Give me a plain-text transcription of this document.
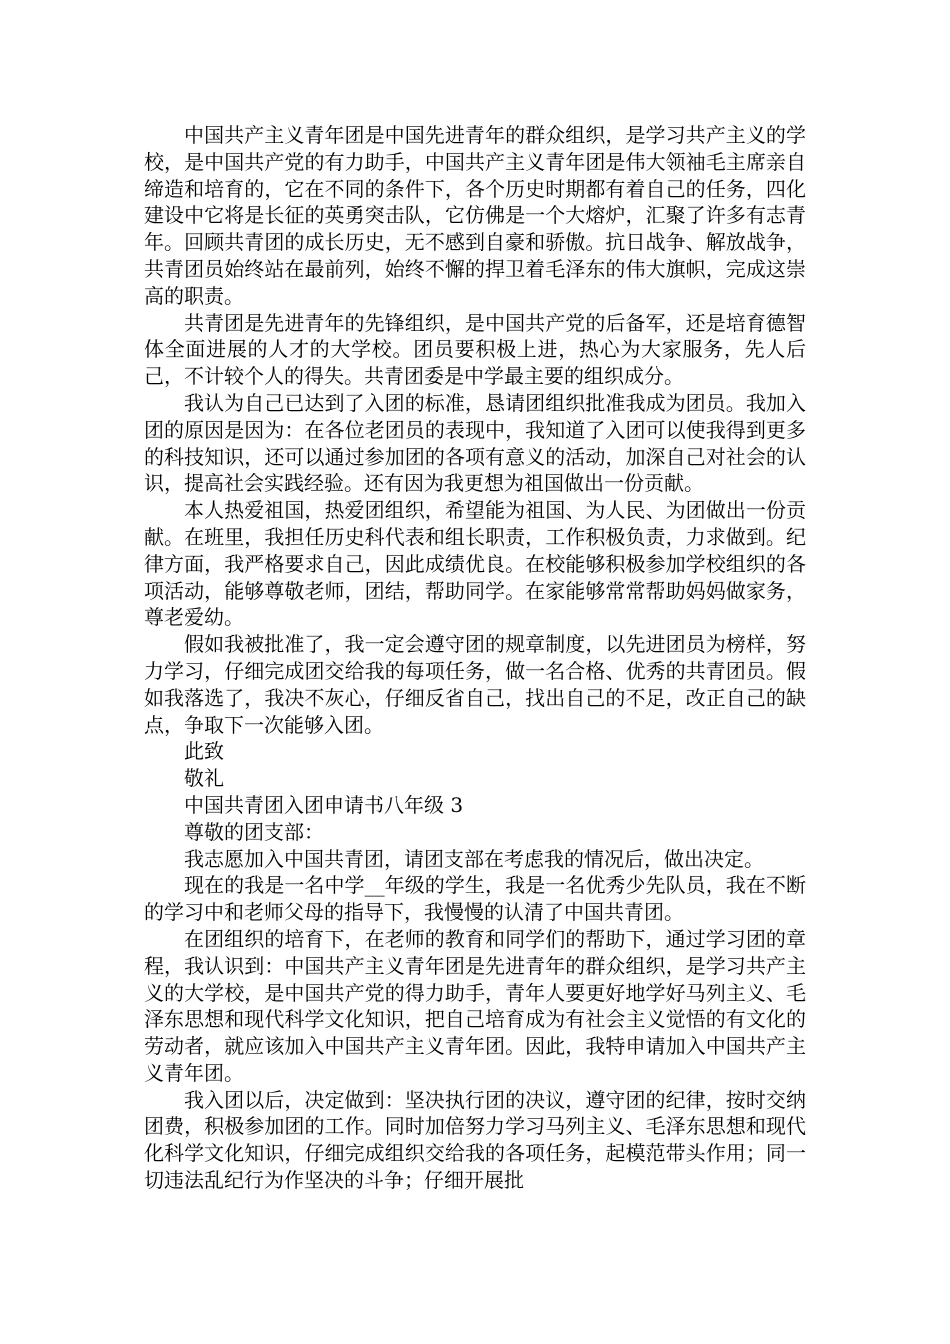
中国共产主义青年团是中国先进青年的群众组织，是学习共产主义的学校，是中国共产党的有力助手，中国共产主义青年团是伟大领袖毛主席亲自缔造和培育的，它在不同的条件下，各个历史时期都有着自己的任务，四化建设中它将是长征的英勇突击队，它仿佛是一个大熔炉，汇聚了许多有志青年。回顾共青团的成长历史，无不感到自豪和骄傲。抗日战争、解放战争，共青团员始终站在最前列，始终不懈的捍卫着毛泽东的伟大旗帜，完成这崇高的职责。

共青团是先进青年的先锋组织，是中国共产党的后备军，还是培育德智体全面进展的人才的大学校。团员要积极上进，热心为大家服务，先人后己，不计较个人的得失。共青团委是中学最主要的组织成分。

我认为自己已达到了入团的标准，恳请团组织批准我成为团员。我加入团的原因是因为：在各位老团员的表现中，我知道了入团可以使我得到更多的科技知识，还可以通过参加团的各项有意义的活动，加深自己对社会的认识，提高社会实践经验。还有因为我更想为祖国做出一份贡献。

本人热爱祖国，热爱团组织，希望能为祖国、为人民、为团做出一份贡献。在班里，我担任历史科代表和组长职责，工作积极负责，力求做到。纪律方面，我严格要求自己，因此成绩优良。在校能够积极参加学校组织的各项活动，能够尊敬老师，团结，帮助同学。在家能够常常帮助妈妈做家务，尊老爱幼。

假如我被批准了，我一定会遵守团的规章制度，以先进团员为榜样，努力学习，仔细完成团交给我的每项任务，做一名合格、优秀的共青团员。假如我落选了，我决不灰心，仔细反省自己，找出自己的不足，改正自己的缺点，争取下一次能够入团。

此致

敬礼

中国共青团入团申请书八年级 3

尊敬的团支部：

我志愿加入中国共青团，请团支部在考虑我的情况后，做出决定。

现在的我是一名中学__年级的学生，我是一名优秀少先队员，我在不断的学习中和老师父母的指导下，我慢慢的认清了中国共青团。

在团组织的培育下，在老师的教育和同学们的帮助下，通过学习团的章程，我认识到：中国共产主义青年团是先进青年的群众组织，是学习共产主义的大学校，是中国共产党的得力助手，青年人要更好地学好马列主义、毛泽东思想和现代科学文化知识，把自己培育成为有社会主义觉悟的有文化的劳动者，就应该加入中国共产主义青年团。因此，我特申请加入中国共产主义青年团。

我入团以后，决定做到：坚决执行团的决议，遵守团的纪律，按时交纳团费，积极参加团的工作。同时加倍努力学习马列主义、毛泽东思想和现代化科学文化知识，仔细完成组织交给我的各项任务，起模范带头作用；同一切违法乱纪行为作坚决的斗争；仔细开展批
